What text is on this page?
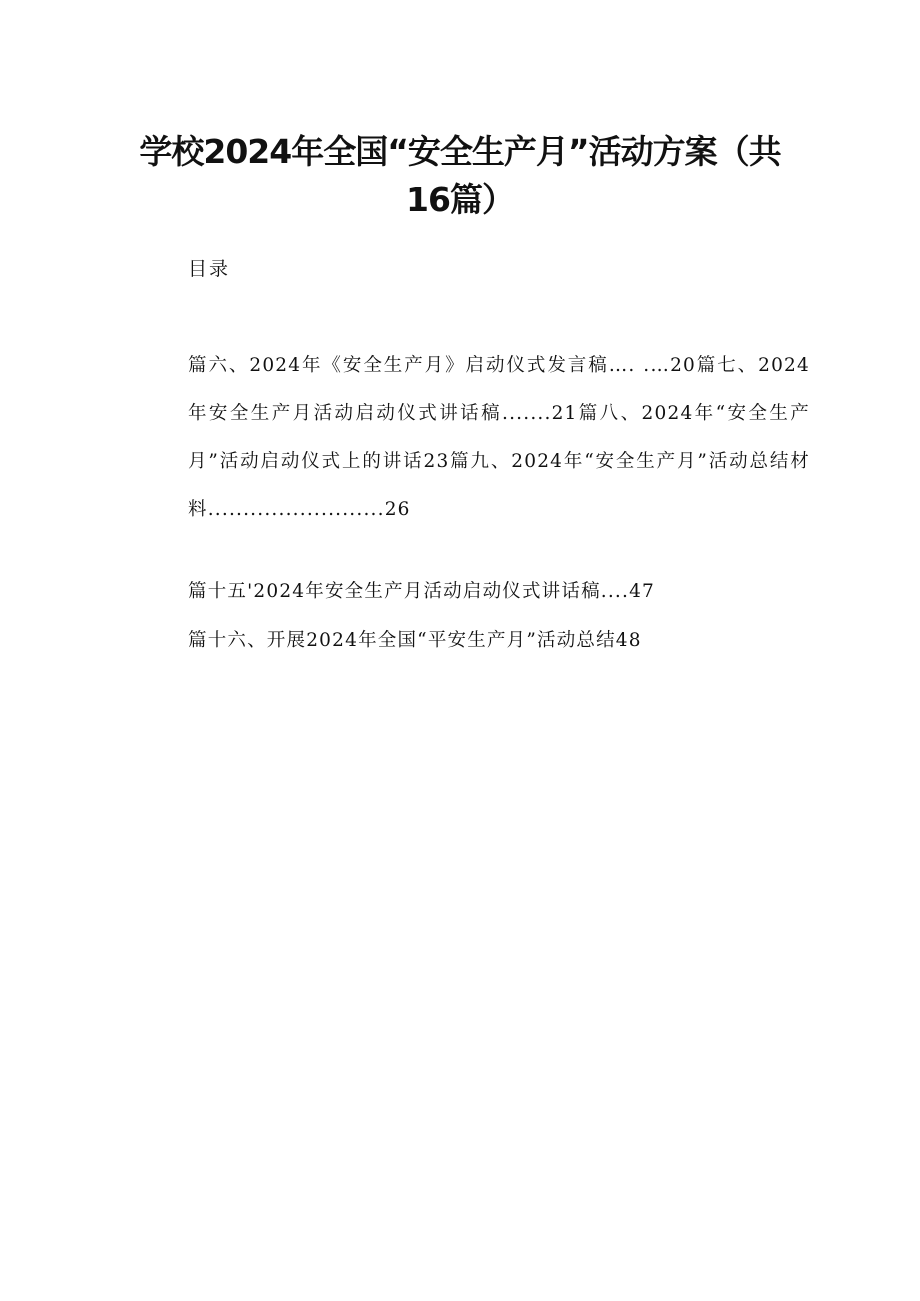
学校2024年全国“安全生产月”活动方案（共16篇）

目录

篇六、2024年《安全生产月》启动仪式发言稿…. .…20篇七、2024年安全生产月活动启动仪式讲话稿.......21篇八、2024年“安全生产月”活动启动仪式上的讲话23篇九、2024年“安全生产月”活动总结材料.........................26

篇十五'2024年安全生产月活动启动仪式讲话稿....47

篇十六、开展2024年全国“平安生产月”活动总结48
